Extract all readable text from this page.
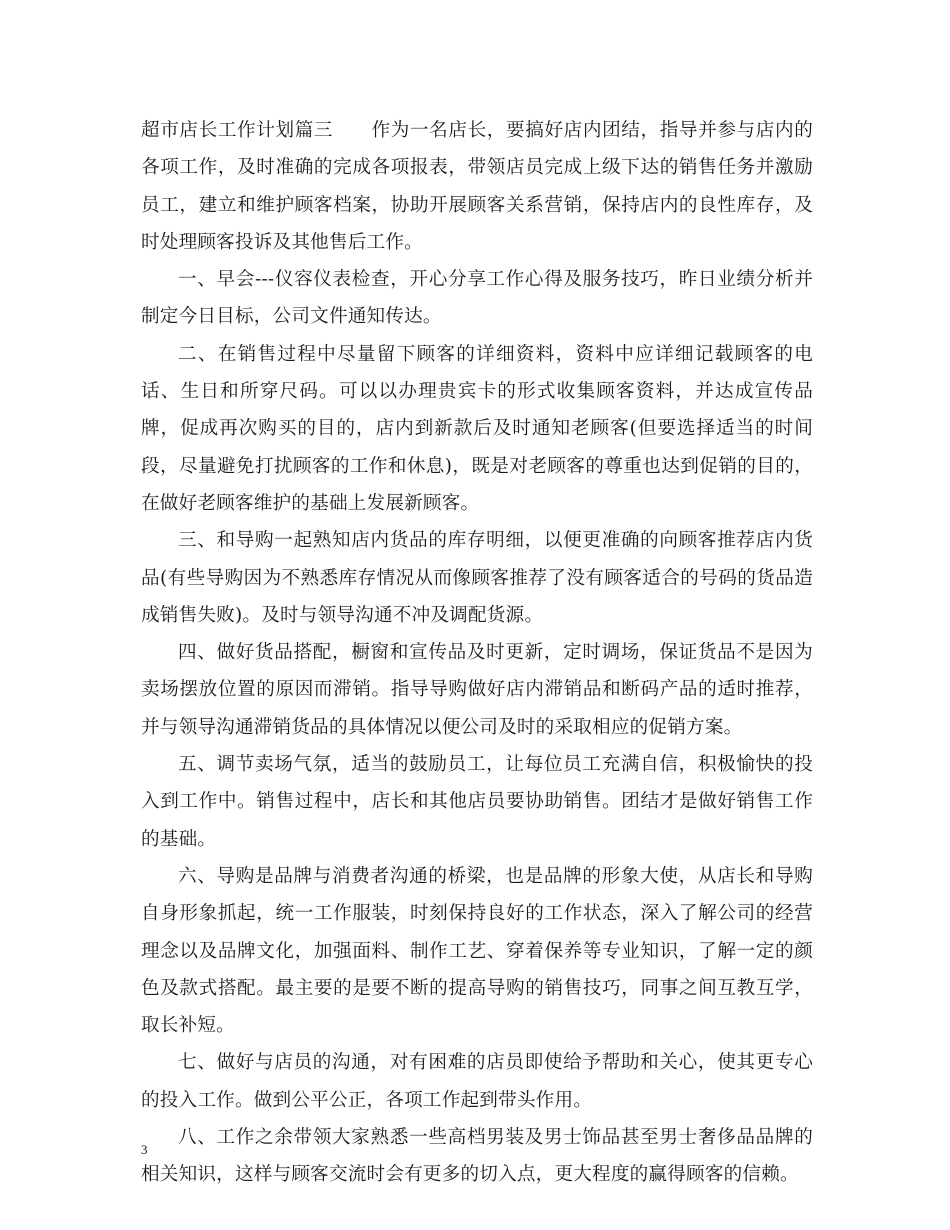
超市店长工作计划篇三　　作为一名店长，要搞好店内团结，指导并参与店内的各项工作，及时准确的完成各项报表，带领店员完成上级下达的销售任务并激励员工，建立和维护顾客档案，协助开展顾客关系营销，保持店内的良性库存，及时处理顾客投诉及其他售后工作。

一、早会---仪容仪表检查，开心分享工作心得及服务技巧，昨日业绩分析并制定今日目标，公司文件通知传达。

二、在销售过程中尽量留下顾客的详细资料，资料中应详细记载顾客的电话、生日和所穿尺码。可以以办理贵宾卡的形式收集顾客资料，并达成宣传品牌，促成再次购买的目的，店内到新款后及时通知老顾客(但要选择适当的时间段，尽量避免打扰顾客的工作和休息)，既是对老顾客的尊重也达到促销的目的，在做好老顾客维护的基础上发展新顾客。

三、和导购一起熟知店内货品的库存明细，以便更准确的向顾客推荐店内货品(有些导购因为不熟悉库存情况从而像顾客推荐了没有顾客适合的号码的货品造成销售失败)。及时与领导沟通不冲及调配货源。

四、做好货品搭配，橱窗和宣传品及时更新，定时调场，保证货品不是因为卖场摆放位置的原因而滞销。指导导购做好店内滞销品和断码产品的适时推荐，并与领导沟通滞销货品的具体情况以便公司及时的采取相应的促销方案。

五、调节卖场气氛，适当的鼓励员工，让每位员工充满自信，积极愉快的投入到工作中。销售过程中，店长和其他店员要协助销售。团结才是做好销售工作的基础。

六、导购是品牌与消费者沟通的桥梁，也是品牌的形象大使，从店长和导购自身形象抓起，统一工作服装，时刻保持良好的工作状态，深入了解公司的经营理念以及品牌文化，加强面料、制作工艺、穿着保养等专业知识，了解一定的颜色及款式搭配。最主要的是要不断的提高导购的销售技巧，同事之间互教互学，取长补短。

七、做好与店员的沟通，对有困难的店员即使给予帮助和关心，使其更专心的投入工作。做到公平公正，各项工作起到带头作用。

八、工作之余带领大家熟悉一些高档男装及男士饰品甚至男士奢侈品品牌的相关知识，这样与顾客交流时会有更多的切入点，更大程度的赢得顾客的信赖。

3
